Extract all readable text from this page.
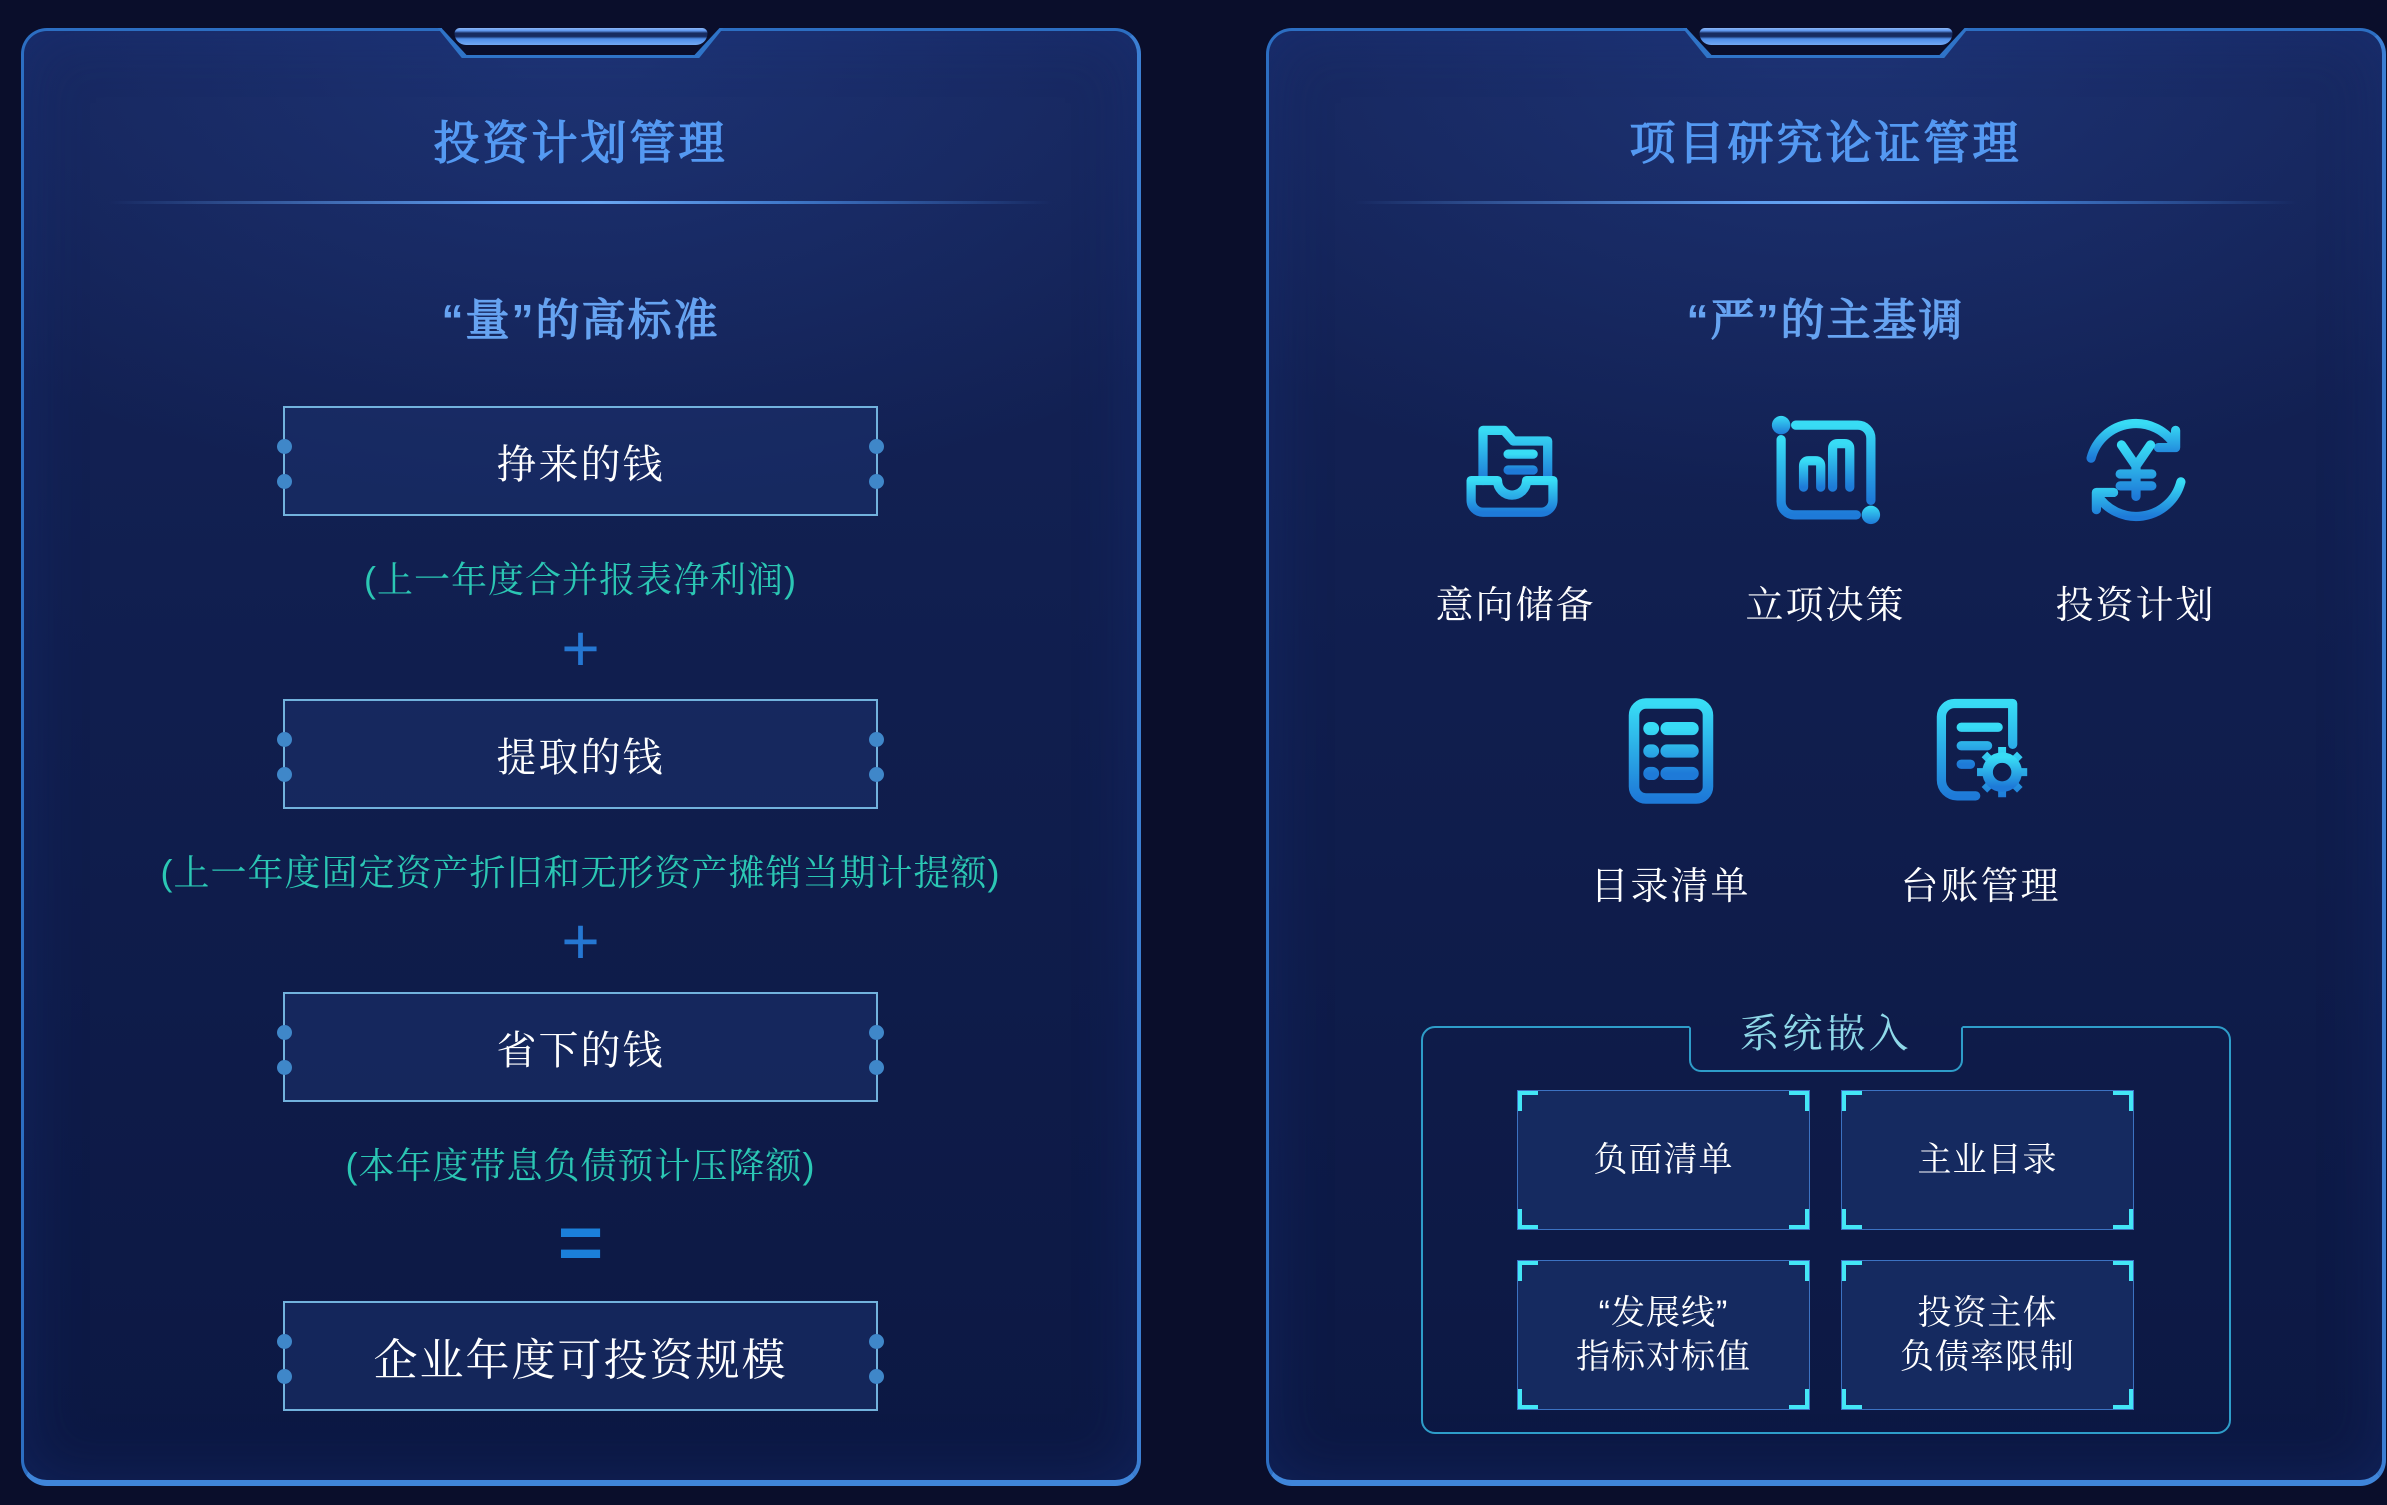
投资计划管理
“量”的高标准
挣来的钱
(上一年度合并报表净利润)
+
提取的钱
(上一年度固定资产折旧和无形资产摊销当期计提额)
+
省下的钱
(本年度带息负债预计压降额)
=
企业年度可投资规模
项目研究论证管理
“严”的主基调
意向储备	立项决策	投资计划
目录清单	台账管理
系统嵌入
负面清单	主业目录
“发展线”
指标对标值
投资主体
负债率限制
